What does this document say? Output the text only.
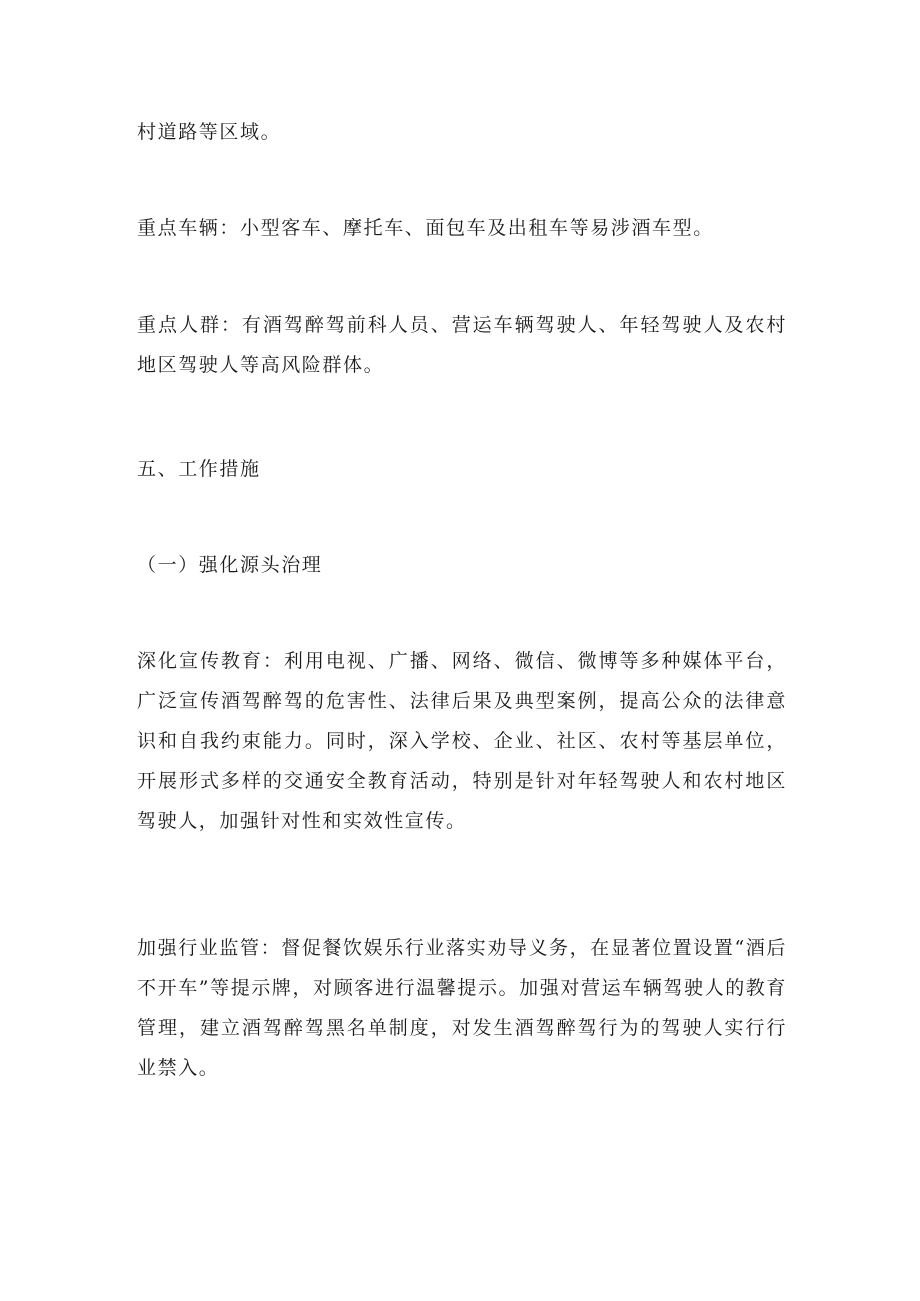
村道路等区域。

重点车辆：小型客车、摩托车、面包车及出租车等易涉酒车型。

重点人群：有酒驾醉驾前科人员、营运车辆驾驶人、年轻驾驶人及农村地区驾驶人等高风险群体。

五、工作措施

（一）强化源头治理

深化宣传教育：利用电视、广播、网络、微信、微博等多种媒体平台，广泛宣传酒驾醉驾的危害性、法律后果及典型案例，提高公众的法律意识和自我约束能力。同时，深入学校、企业、社区、农村等基层单位，开展形式多样的交通安全教育活动，特别是针对年轻驾驶人和农村地区驾驶人，加强针对性和实效性宣传。

加强行业监管：督促餐饮娱乐行业落实劝导义务，在显著位置设置“酒后不开车”等提示牌，对顾客进行温馨提示。加强对营运车辆驾驶人的教育管理，建立酒驾醉驾黑名单制度，对发生酒驾醉驾行为的驾驶人实行行业禁入。
